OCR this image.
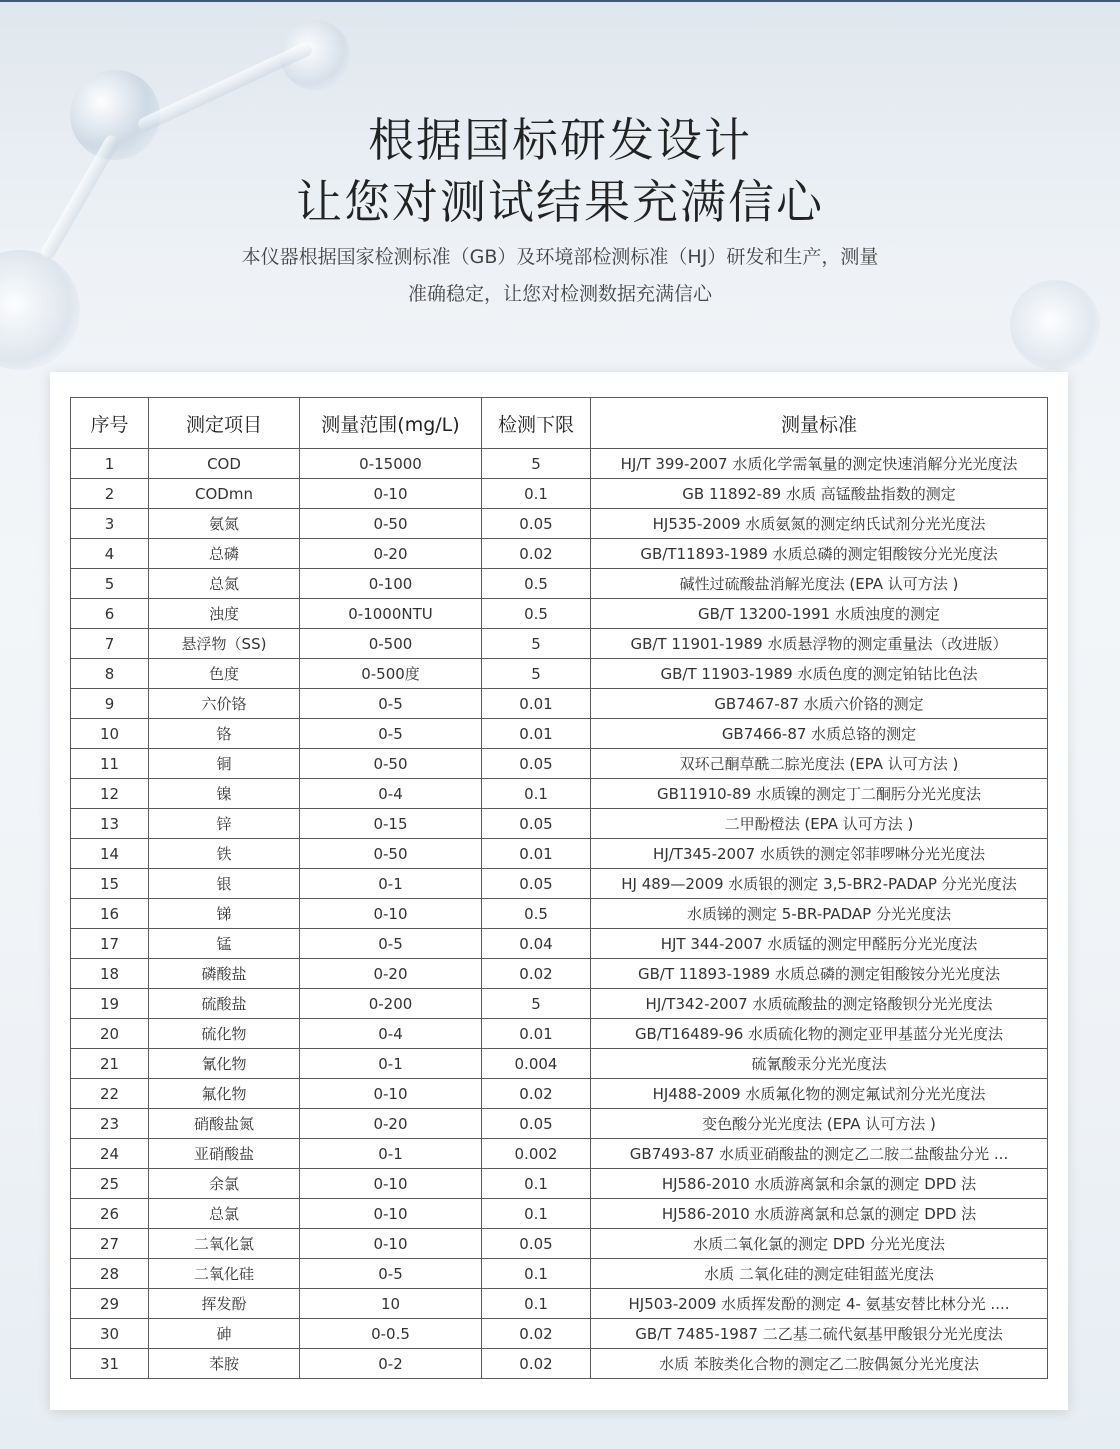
根据国标研发设计
让您对测试结果充满信心
本仪器根据国家检测标准（GB）及环境部检测标准（HJ）研发和生产，测量
准确稳定，让您对检测数据充满信心
序号	测定项目	测量范围(mg/L)	检测下限	测量标准
1	COD	0-15000	5	HJ/T 399-2007 水质化学需氧量的测定快速消解分光光度法
2	CODmn	0-10	0.1	GB 11892-89 水质 高锰酸盐指数的测定
3	氨氮	0-50	0.05	HJ535-2009 水质氨氮的测定纳氏试剂分光光度法
4	总磷	0-20	0.02	GB/T11893-1989 水质总磷的测定钼酸铵分光光度法
5	总氮	0-100	0.5	碱性过硫酸盐消解光度法 (EPA 认可方法 )
6	浊度	0-1000NTU	0.5	GB/T 13200-1991 水质浊度的测定
7	悬浮物（SS)	0-500	5	GB/T 11901-1989 水质悬浮物的测定重量法（改进版）
8	色度	0-500度	5	GB/T 11903-1989 水质色度的测定铂钴比色法
9	六价铬	0-5	0.01	GB7467-87 水质六价铬的测定
10	铬	0-5	0.01	GB7466-87 水质总铬的测定
11	铜	0-50	0.05	双环己酮草酰二腙光度法 (EPA 认可方法 )
12	镍	0-4	0.1	GB11910-89 水质镍的测定丁二酮肟分光光度法
13	锌	0-15	0.05	二甲酚橙法 (EPA 认可方法 )
14	铁	0-50	0.01	HJ/T345-2007 水质铁的测定邻菲啰啉分光光度法
15	银	0-1	0.05	HJ 489—2009 水质银的测定 3,5-BR2-PADAP 分光光度法
16	锑	0-10	0.5	水质锑的测定 5-BR-PADAP 分光光度法
17	锰	0-5	0.04	HJT 344-2007 水质锰的测定甲醛肟分光光度法
18	磷酸盐	0-20	0.02	GB/T 11893-1989 水质总磷的测定钼酸铵分光光度法
19	硫酸盐	0-200	5	HJ/T342-2007 水质硫酸盐的测定铬酸钡分光光度法
20	硫化物	0-4	0.01	GB/T16489-96 水质硫化物的测定亚甲基蓝分光光度法
21	氰化物	0-1	0.004	硫氰酸汞分光光度法
22	氟化物	0-10	0.02	HJ488-2009 水质氟化物的测定氟试剂分光光度法
23	硝酸盐氮	0-20	0.05	变色酸分光光度法 (EPA 认可方法 )
24	亚硝酸盐	0-1	0.002	GB7493-87 水质亚硝酸盐的测定乙二胺二盐酸盐分光 ...
25	余氯	0-10	0.1	HJ586-2010 水质游离氯和余氯的测定 DPD 法
26	总氯	0-10	0.1	HJ586-2010 水质游离氯和总氯的测定 DPD 法
27	二氧化氯	0-10	0.05	水质二氧化氯的测定 DPD 分光光度法
28	二氧化硅	0-5	0.1	水质 二氧化硅的测定硅钼蓝光度法
29	挥发酚	10	0.1	HJ503-2009 水质挥发酚的测定 4- 氨基安替比林分光 ....
30	砷	0-0.5	0.02	GB/T 7485-1987 二乙基二硫代氨基甲酸银分光光度法
31	苯胺	0-2	0.02	水质 苯胺类化合物的测定乙二胺偶氮分光光度法
